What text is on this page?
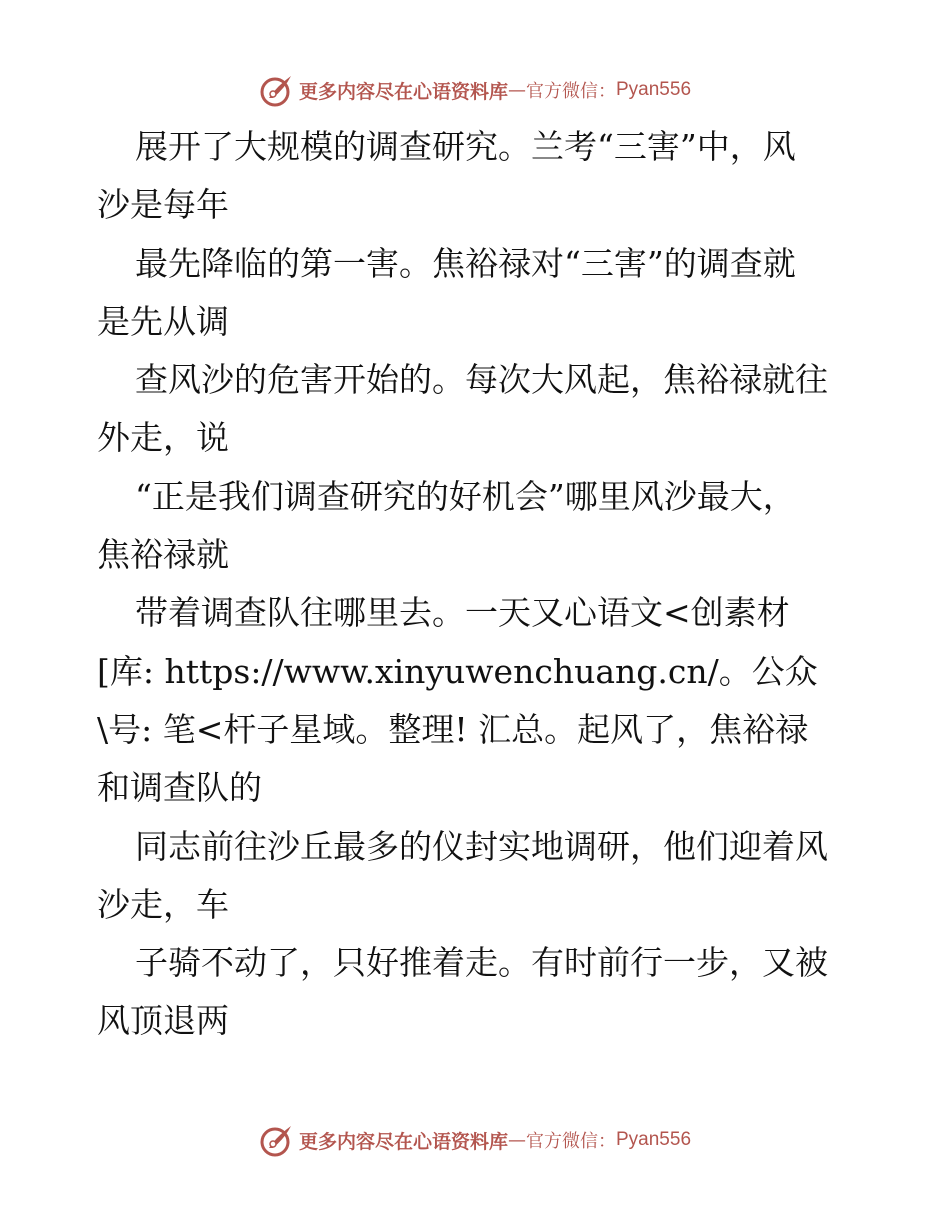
更多内容尽在心语资料库 — 官方微信： Pyan556
展开了大规模的调查研究。兰考“三害”中，风
沙是每年
最先降临的第一害。焦裕禄对“三害”的调查就
是先从调
查风沙的危害开始的。每次大风起，焦裕禄就往
外走，说
“正是我们调查研究的好机会”哪里风沙最大，
焦裕禄就
带着调查队往哪里去。一天又心语文<创素材
[库: https://www.xinyuwenchuang.cn/。公众
\号: 笔<杆子星域。整理! 汇总。起风了，焦裕禄
和调查队的
同志前往沙丘最多的仪封实地调研，他们迎着风
沙走，车
子骑不动了，只好推着走。有时前行一步，又被
风顶退两
更多内容尽在心语资料库 — 官方微信： Pyan556
